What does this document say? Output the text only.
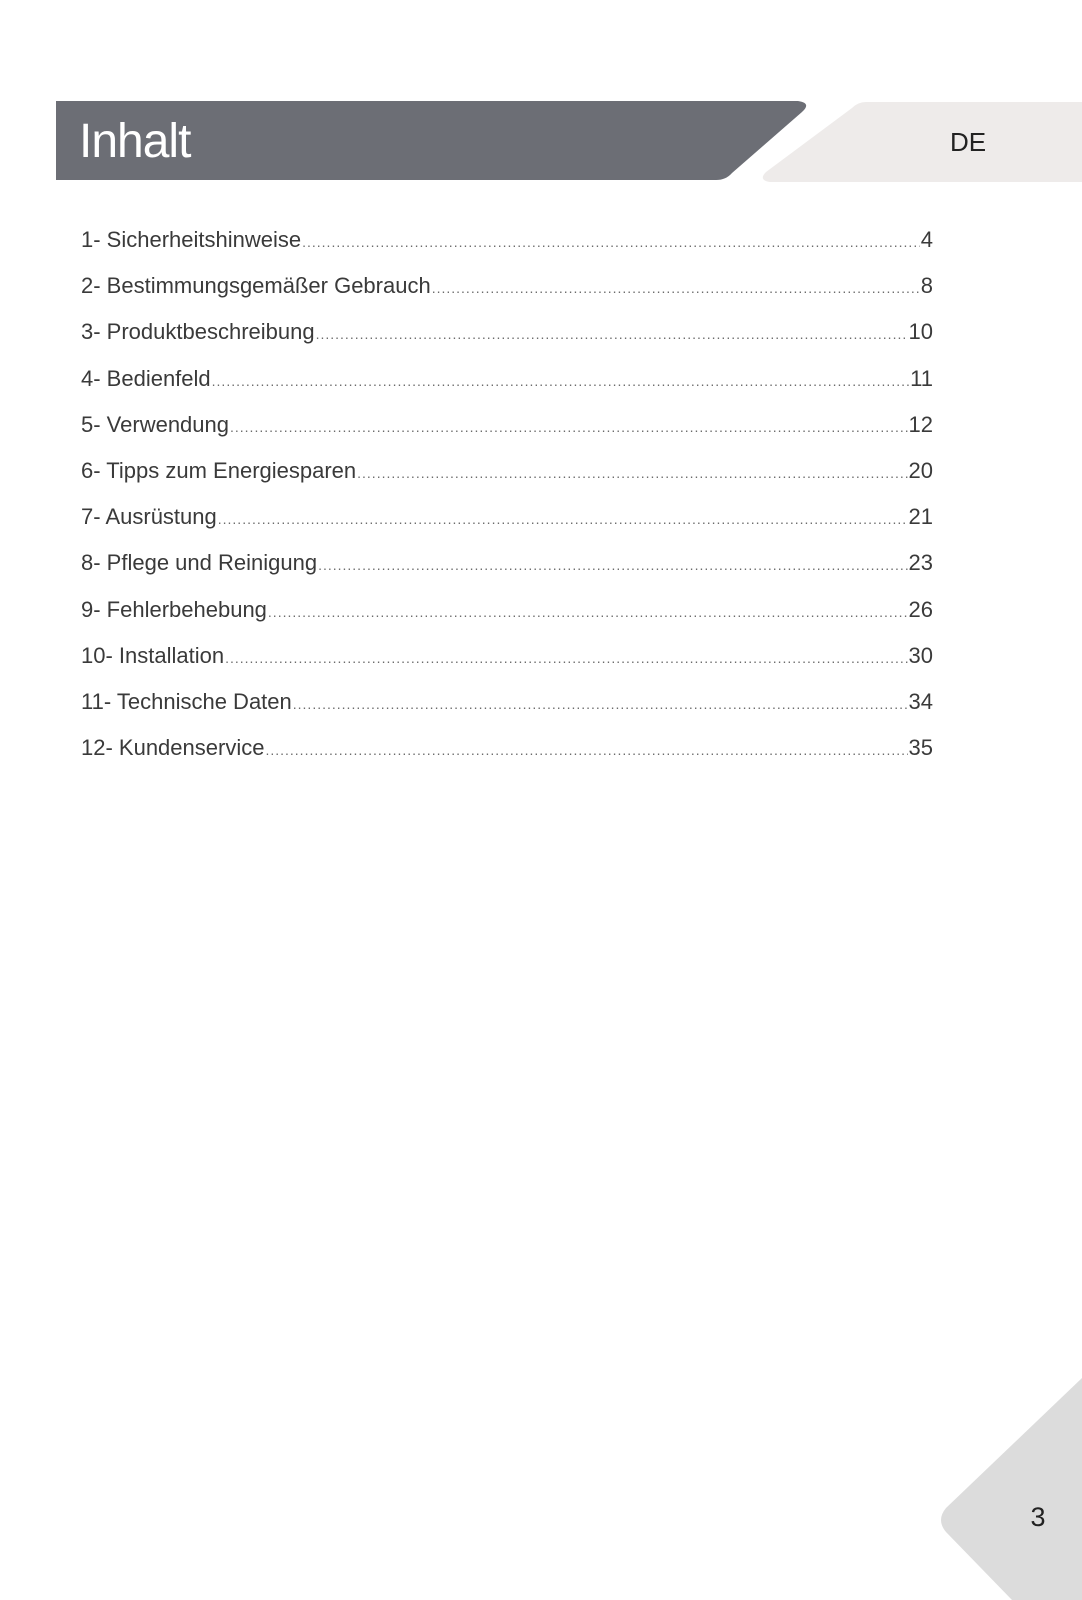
Inhalt	DE
1- Sicherheitshinweise .....	4
2- Bestimmungsgemäßer Gebrauch .....	8
3- Produktbeschreibung .....	10
4- Bedienfeld .....	11
5- Verwendung .....	12
6- Tipps zum Energiesparen .....	20
7- Ausrüstung .....	21
8- Pflege und Reinigung .....	23
9- Fehlerbehebung .....	26
10- Installation .....	30
11- Technische Daten .....	34
12- Kundenservice .....	35
3
